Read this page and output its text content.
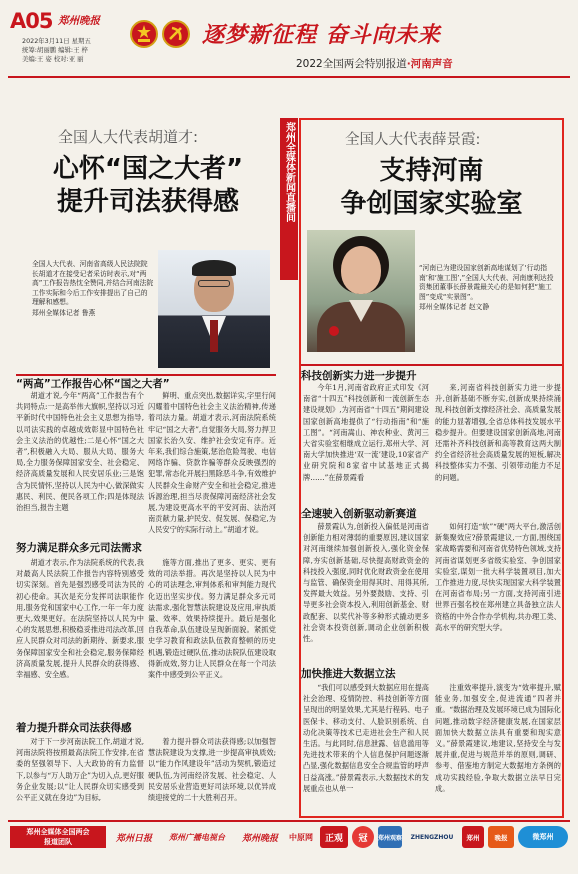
A05 郑州晚报
2022年3月11日 星期五
统筹:胡丽鹏 编辑:王 梓
美编:王 姿 校对:亚 丽
逐梦新征程 奋斗向未来
2022全国两会特别报道·河南声音
郑州全媒体新闻
直播间
全国人大代表胡道才:
心怀“国之大者”
提升司法获得感
全国人大代表、河南省高级人民法院院长胡道才在接受记者采访时表示,对“两高”工作报告热忱全赞同,并结合河南法院工作实际和今后工作安排提出了自己的理解和感想。
郑州全媒体记者 鲁燕
“两高”工作报告心怀“国之大者”
胡道才说,今年“两高”工作报告有个共同特点:一是高举伟大旗帜,坚持以习近平新时代中国特色社会主义思想为指导,以司法实践的卓越成效彰显中国特色社会主义法治的优越性;二是心怀“国之大者”,积极融入大局、服从大局、服务大局,全力服务保障国家安全、社会稳定、经济高质量发展和人民安居乐业;三是饱含为民情怀,坚持以人民为中心,做深做实惠民、利民、便民各项工作;四是体现法治担当,报告主题
鲜明、重点突出,数据详实,字里行间闪耀着中国特色社会主义法治精神,传递着司法力量。胡道才表示,河南法院系统牢记“国之大者”,自觉服务大局,努力捍卫国家长治久安、维护社会安定有序。近年来,我们综合施策,惩治危险驾驶、电信网络诈骗、贷款诈骗等群众反映强烈的犯罪,常态化开展扫黑除恶斗争,有效维护人民群众生命财产安全和社会稳定,推进诉源治理,担当尽责保障河南经济社会发展,为建设更高水平的平安河南、法治河南贡献力量,护民安、促发展、保稳定,为人民安宁的实际行动上。”胡道才说。
努力满足群众多元司法需求
胡道才表示,作为法院系统的代表,我对最高人民法院工作报告内容特别感受切实深刻。首先是强烈感受司法为民的初心使命。其次是充分发挥司法职能作用,服务党和国家中心工作,一年一年力度更大,效果更好。在法院坚持以人民为中心的发展思想,积极稳妥推进司法改革,回应人民群众对司法的新期待、新要求,服务保障国家安全和社会稳定,服务保障经济高质量发展,提升人民群众的获得感、幸福感、安全感。
施等方面,推出了更多、更实、更有效的司法举措。再次是坚持以人民为中心的司法理念,审判体系和审判能力现代化迈出坚实步伐。努力满足群众多元司法需求,强化智慧法院建设及应用,审执质量、效率、效果持续提升。最后是强化自我革命,队伍建设呈现新面貌。紧抓党史学习教育和政法队伍教育整顿的历史机遇,锻造过硬队伍,推动法院队伍建设取得新成效,努力让人民群众在每一个司法案件中感受到公平正义。
着力提升群众司法获得感
对于下一步河南法院工作,胡道才说,河南法院将按照最高法院工作安排,在省委的坚强领导下、人大政协的有力监督下,以参与“万人助万企”为切入点,更好服务企业发展;以“让人民群众切实感受到公平正义就在身边”为目标,
着力提升群众司法获得感;以加强智慧法院建设为支撑,进一步提高审执质效;以“能力作风建设年”活动为契机,锻造过硬队伍,为河南经济发展、社会稳定、人民安居乐业营造更好司法环境,以优异成绩迎接党的二十大胜利召开。
全国人大代表薛景霞:
支持河南
争创国家实验室
“河南已为建设国家创新高地谋划了‘行动指南’和‘施工图’,”全国人大代表、河南康利达投资集团董事长薛景霞最关心的是如何把“施工图”变成“实景图”。
郑州全媒体记者 赵文静
科技创新实力进一步提升
今年1月,河南省政府正式印发《河南省“十四五”科技创新和一流创新生态建设规划》,为河南省“十四五”期间建设国家创新高地提供了“行动指南”和“施工图”。“河南嵩山、神农种业、黄河三大省实验室相继成立运行,郑州大学、河南大学加快推进‘双一流’建设,10家省产业研究院和8家省中试基地正式揭牌……”在薛景霞看
来,河南省科技创新实力进一步提升,创新基础不断夯实,创新成果持续涌现,科技创新支撑经济社会、高质量发展的能力显著增强,全省总体科技发展水平稳步提升。但要建设国家创新高地,河南还需补齐科技创新和高等教育这两大制约全省经济社会高质量发展的短板,解决科技整体实力不强、引领带动能力不足的问题。
全速驶入创新驱动新赛道
薛景霞认为,创新投入偏低是河南省创新能力相对薄弱的重要原因,建议国家对河南继续加强创新投入,强化资金保障,夯实创新基础,尽快提高财政资金的科技投入强度,同时优化财政资金在使用与监管、确保资金用得其时、用得其所,发挥最大效益。另外要鼓励、支持、引导更多社会资本投入,利用创新基金、财政配套、以奖代补等多种形式撬动更多社会资本投资创新,调动企业创新积极性。
如何打造“软”“硬”两大平台,激活创新集聚效应?薛景霞建议,一方面,围绕国家战略需要和河南省优势特色领域,支持河南省谋划更多省级实验室、争创国家实验室,谋划一批大科学装置项目,加大工作推进力度,尽快实现国家大科学装置在河南省布局;另一方面,支持河南引进世界百强名校在郑州建立具备独立法人资格的中外合作办学机构,共办理工类、高水平的研究型大学。
加快推进大数据立法
“我们可以感受到大数据应用在提高社会治理、疫情防控、科技创新等方面呈现出的明显效果,尤其是行程码、电子医保卡、移动支付、人脸识别系统、自动化决策等技术已走进社会生产和人民生活。与此同时,信息泄露、信息滥用等先进技术带来的个人信息保护问题逐渐凸显,强化数据信息安全合规监管的呼声日益高涨。”薛景霞表示,大数据技术的发展重点也从单一
注重效率提升,演变为“效率提升,赋能业务,加强安全,促进流通”四者并重。“数据治理及发展环境已成为国际化问题,推动数字经济健康发展,在国家层面加快大数据立法具有重要和现实意义。”薛景霞建议,地建议,坚持安全与发展并重,促进与规范并举的原则,调研、参考、借鉴地方制定大数据地方条例的成功实践经验,争取大数据立法早日完成。
郑州全媒体全国两会
报道团队	郑州日报	郑州广播电视台	郑州晚报	中原网	正观	冠	郑州观察	ZHENGZHOU	郑州	晚报	微郑州
